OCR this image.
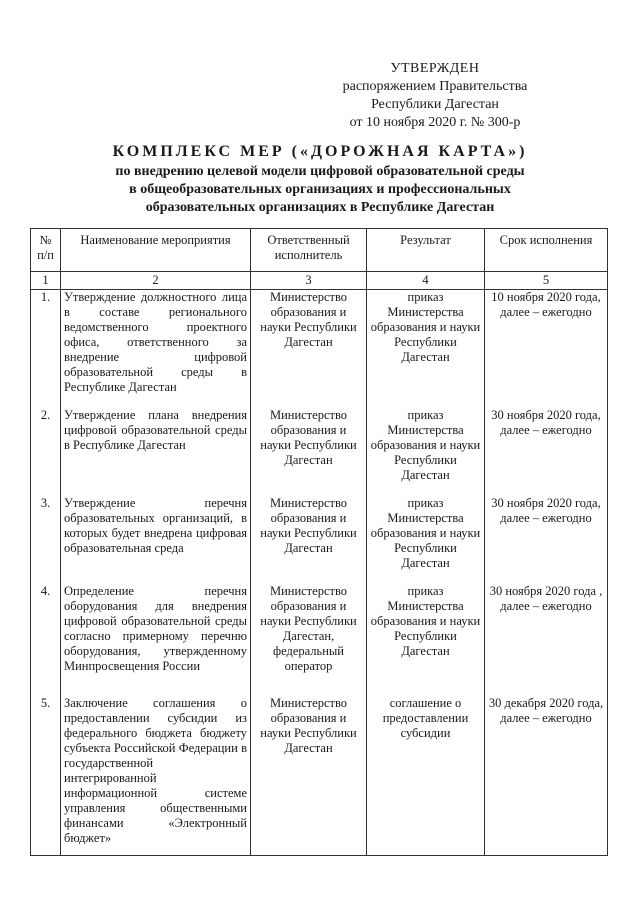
УТВЕРЖДЕН
распоряжением Правительства
Республики Дагестан
от 10 ноября 2020 г. № 300-р
КОМПЛЕКС МЕР («ДОРОЖНАЯ КАРТА»)
по внедрению целевой модели цифровой образовательной среды
в общеобразовательных организациях и профессиональных
образовательных организациях в Республике Дагестан
№ п/п	Наименование мероприятия	Ответственный исполнитель	Результат	Срок исполнения
1	2	3	4	5
1.	Утверждение должностного лица в составе регионального ведомственного проектного офиса, ответственного за внедрение цифровой образовательной среды в Республике Дагестан	Министерство образования и науки Республики Дагестан	приказ Министерства образования и науки Республики Дагестан	10 ноября 2020 года, далее – ежегодно
2.	Утверждение плана внедрения цифровой образовательной среды в Республике Дагестан	Министерство образования и науки Республики Дагестан	приказ Министерства образования и науки Республики Дагестан	30 ноября 2020 года, далее – ежегодно
3.	Утверждение перечня образовательных организаций, в которых будет внедрена цифровая образовательная среда	Министерство образования и науки Республики Дагестан	приказ Министерства образования и науки Республики Дагестан	30 ноября 2020 года, далее – ежегодно
4.	Определение перечня оборудования для внедрения цифровой образовательной среды согласно примерному перечню оборудования, утвержденному Минпросвещения России	Министерство образования и науки Республики Дагестан, федеральный оператор	приказ Министерства образования и науки Республики Дагестан	30 ноября 2020 года , далее – ежегодно
5.	Заключение соглашения о предоставлении субсидии из федерального бюджета бюджету субъекта Российской Федерации в государственной интегрированной информационной системе управления общественными финансами «Электронный бюджет»	Министерство образования и науки Республики Дагестан	соглашение о предоставлении субсидии	30 декабря 2020 года, далее – ежегодно
